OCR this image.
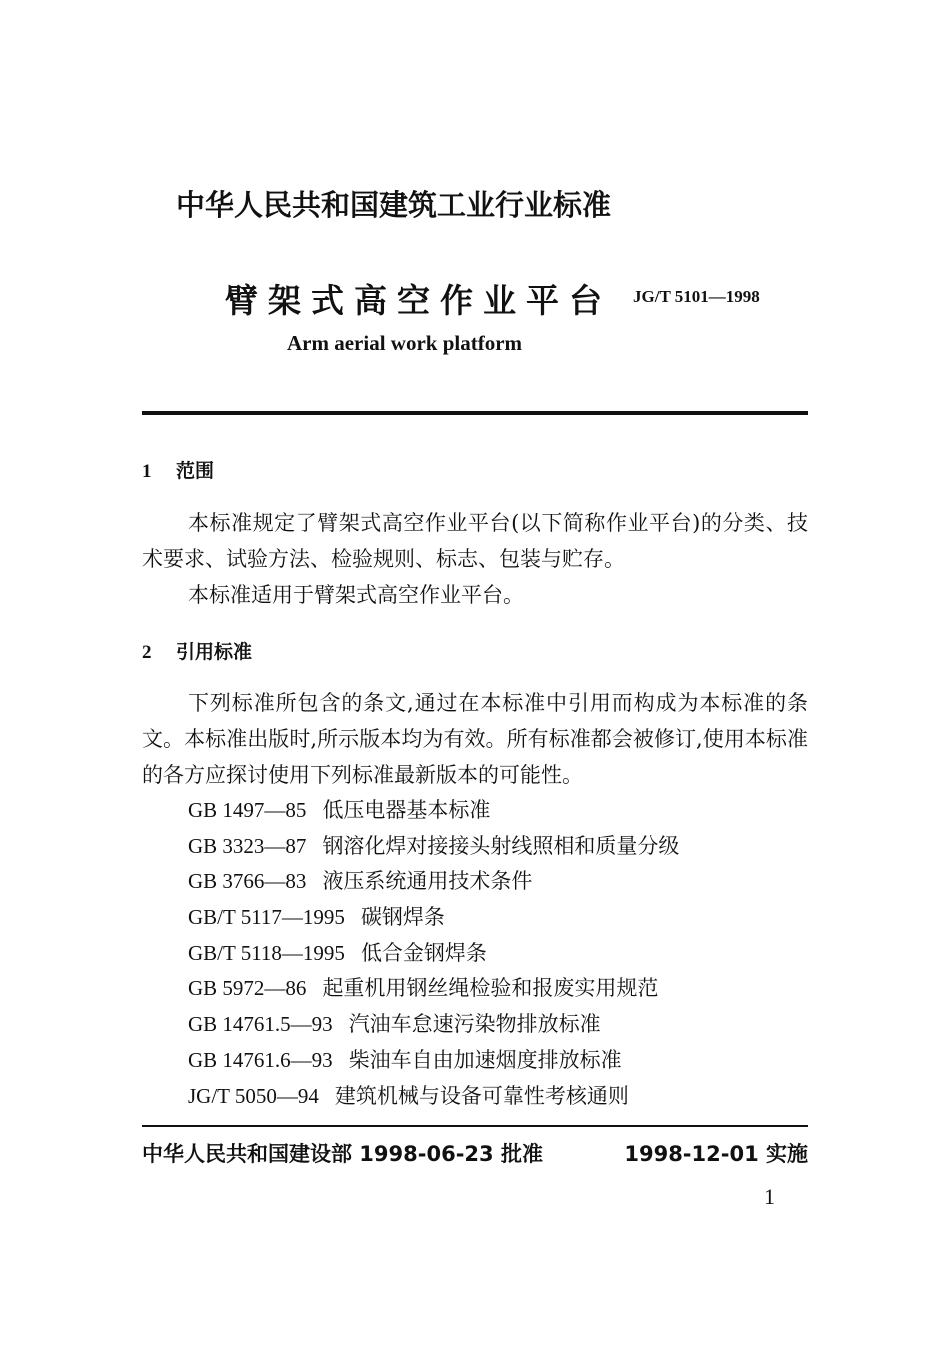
中华人民共和国建筑工业行业标准
臂架式高空作业平台 JG/T 5101—1998
Arm aerial work platform
1 范围

本标准规定了臂架式高空作业平台(以下简称作业平台)的分类、技术要求、试验方法、检验规则、标志、包装与贮存。

本标准适用于臂架式高空作业平台。

2 引用标准

下列标准所包含的条文,通过在本标准中引用而构成为本标准的条文。本标准出版时,所示版本均为有效。所有标准都会被修订,使用本标准的各方应探讨使用下列标准最新版本的可能性。

GB 1497—85 低压电器基本标准
GB 3323—87 钢溶化焊对接接头射线照相和质量分级
GB 3766—83 液压系统通用技术条件
GB/T 5117—1995 碳钢焊条
GB/T 5118—1995 低合金钢焊条
GB 5972—86 起重机用钢丝绳检验和报废实用规范
GB 14761.5—93 汽油车怠速污染物排放标准
GB 14761.6—93 柴油车自由加速烟度排放标准
JG/T 5050—94 建筑机械与设备可靠性考核通则
中华人民共和国建设部 1998-06-23 批准	1998-12-01 实施
1
